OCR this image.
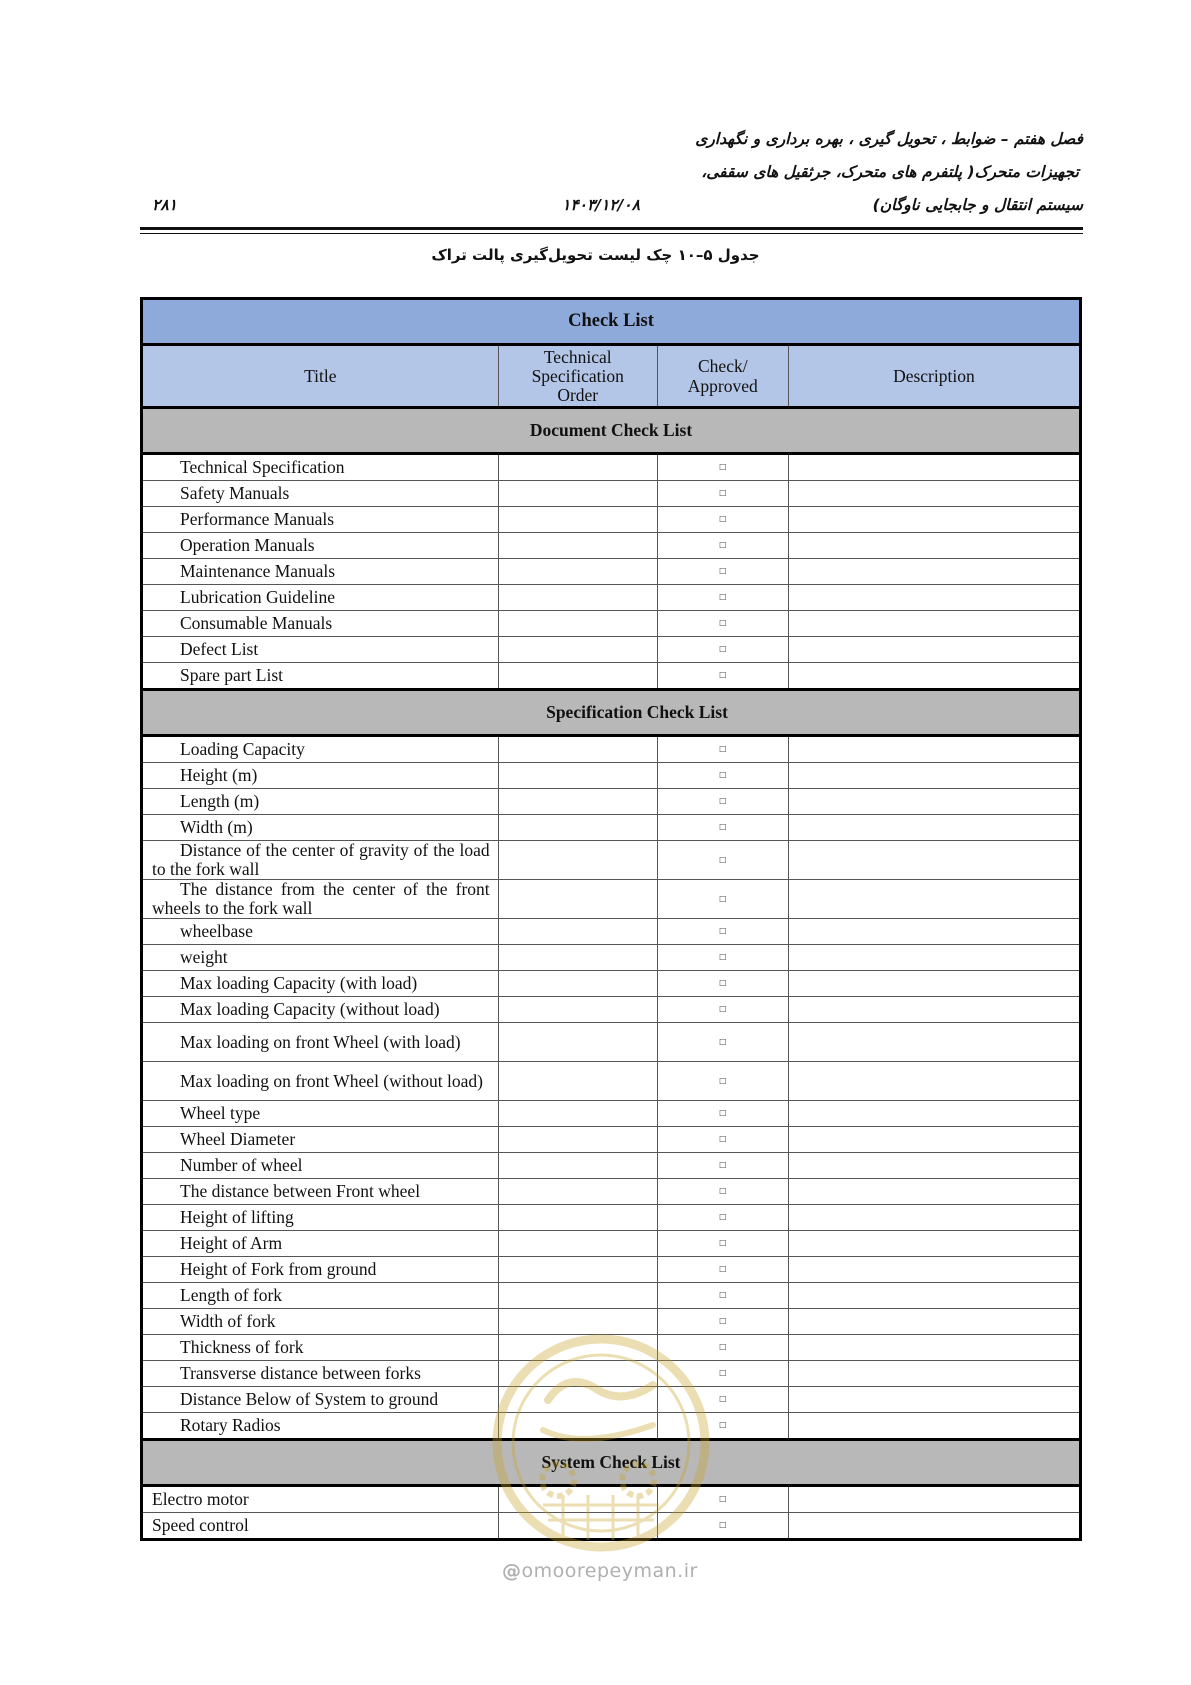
فصل هفتم – ضوابط ، تحویل گیری ، بهره برداری و نگهداری
تجهیزات متحرک( پلتفرم های متحرک، جرثقیل های سقفی،
سیستم انتقال و جابجایی ناوگان)
۱۴۰۳/۱۲/۰۸
۲۸۱
جدول ۵–۱۰ چک لیست تحویل‌گیری پالت تراک
Check List			
Title	Technical Specification Order	Check/ Approved	Description
Document Check List			
Technical Specification		□	
Safety Manuals		□	
Performance Manuals		□	
Operation Manuals		□	
Maintenance Manuals		□	
Lubrication Guideline		□	
Consumable Manuals		□	
Defect List		□	
Spare part List		□	
Specification Check List			
Loading Capacity		□	
Height (m)		□	
Length (m)		□	
Width (m)		□	
Distance of the center of gravity of the load to the fork wall		□	
The distance from the center of the front wheels to the fork wall		□	
wheelbase		□	
weight		□	
Max loading Capacity (with load)		□	
Max loading Capacity (without load)		□	
Max loading on front Wheel (with load)		□	
Max loading on front Wheel (without load)		□	
Wheel type		□	
Wheel Diameter		□	
Number of wheel		□	
The distance between Front wheel		□	
Height of lifting		□	
Height of Arm		□	
Height of Fork from ground		□	
Length of fork		□	
Width of fork		□	
Thickness of fork		□	
Transverse distance between forks		□	
Distance Below of System to ground		□	
Rotary Radios		□	
System Check List			
Electro motor		□	
Speed control		□	
@omoorepeyman.ir
